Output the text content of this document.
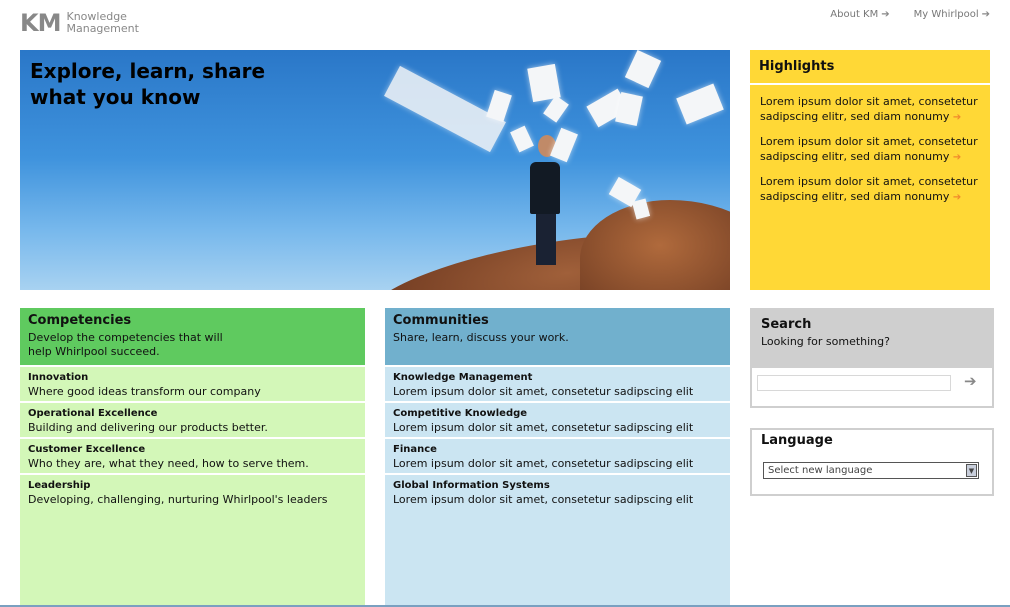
KM Knowledge
Management
About KM ➔ My Whirlpool ➔
Explore, learn, share
what you know
Highlights
Lorem ipsum dolor sit amet, consetetur sadipscing elitr, sed diam nonumy ➔
Lorem ipsum dolor sit amet, consetetur sadipscing elitr, sed diam nonumy ➔
Lorem ipsum dolor sit amet, consetetur sadipscing elitr, sed diam nonumy ➔
Competencies
Develop the competencies that will
help Whirlpool succeed.
Innovation
Where good ideas transform our company
Operational Excellence
Building and delivering our products better.
Customer Excellence
Who they are, what they need, how to serve them.
Leadership
Developing, challenging, nurturing Whirlpool's leaders
Communities
Share, learn, discuss your work.
Knowledge Management
Lorem ipsum dolor sit amet, consetetur sadipscing elit
Competitive Knowledge
Lorem ipsum dolor sit amet, consetetur sadipscing elit
Finance
Lorem ipsum dolor sit amet, consetetur sadipscing elit
Global Information Systems
Lorem ipsum dolor sit amet, consetetur sadipscing elit
Search
Looking for something?
➔
Language
Select new language	▼
